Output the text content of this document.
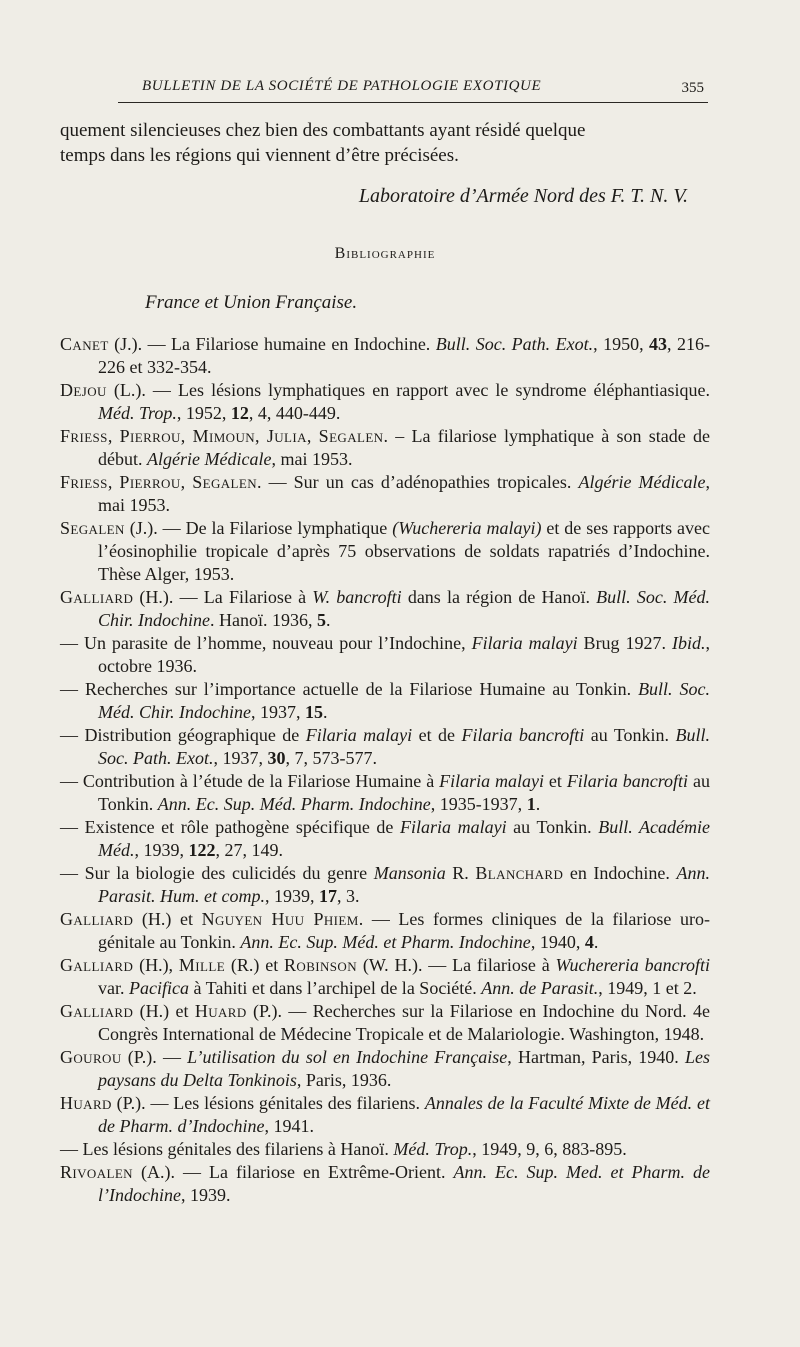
BULLETIN DE LA SOCIÉTÉ DE PATHOLOGIE EXOTIQUE	355

quement silencieuses chez bien des combattants ayant résidé quelque
temps dans les régions qui viennent d’être précisées.

Laboratoire d’Armée Nord des F. T. N. V.
Bibliographie
France et Union Française.

Canet (J.). — La Filariose humaine en Indochine. Bull. Soc. Path. Exot., 1950, 43, 216-226 et 332-354.

Dejou (L.). — Les lésions lymphatiques en rapport avec le syndrome éléphantiasique. Méd. Trop., 1952, 12, 4, 440-449.

Friess, Pierrou, Mimoun, Julia, Segalen. – La filariose lymphatique à son stade de début. Algérie Médicale, mai 1953.

Friess, Pierrou, Segalen. — Sur un cas d’adénopathies tropicales. Algérie Médicale, mai 1953.

Segalen (J.). — De la Filariose lymphatique (Wuchereria malayi) et de ses rapports avec l’éosinophilie tropicale d’après 75 observations de soldats rapatriés d’Indochine. Thèse Alger, 1953.

Galliard (H.). — La Filariose à W. bancrofti dans la région de Hanoï. Bull. Soc. Méd. Chir. Indochine. Hanoï. 1936, 5.

— Un parasite de l’homme, nouveau pour l’Indochine, Filaria malayi Brug 1927. Ibid., octobre 1936.

— Recherches sur l’importance actuelle de la Filariose Humaine au Tonkin. Bull. Soc. Méd. Chir. Indochine, 1937, 15.

— Distribution géographique de Filaria malayi et de Filaria bancrofti au Tonkin. Bull. Soc. Path. Exot., 1937, 30, 7, 573-577.

— Contribution à l’étude de la Filariose Humaine à Filaria malayi et Filaria bancrofti au Tonkin. Ann. Ec. Sup. Méd. Pharm. Indochine, 1935-1937, 1.

— Existence et rôle pathogène spécifique de Filaria malayi au Tonkin. Bull. Académie Méd., 1939, 122, 27, 149.

— Sur la biologie des culicidés du genre Mansonia R. Blanchard en Indochine. Ann. Parasit. Hum. et comp., 1939, 17, 3.

Galliard (H.) et Nguyen Huu Phiem. — Les formes cliniques de la filariose uro-génitale au Tonkin. Ann. Ec. Sup. Méd. et Pharm. Indochine, 1940, 4.

Galliard (H.), Mille (R.) et Robinson (W. H.). — La filariose à Wuchereria bancrofti var. Pacifica à Tahiti et dans l’archipel de la Société. Ann. de Parasit., 1949, 1 et 2.

Galliard (H.) et Huard (P.). — Recherches sur la Filariose en Indochine du Nord. 4e Congrès International de Médecine Tropicale et de Malariologie. Washington, 1948.

Gourou (P.). — L’utilisation du sol en Indochine Française, Hartman, Paris, 1940. Les paysans du Delta Tonkinois, Paris, 1936.

Huard (P.). — Les lésions génitales des filariens. Annales de la Faculté Mixte de Méd. et de Pharm. d’Indochine, 1941.

— Les lésions génitales des filariens à Hanoï. Méd. Trop., 1949, 9, 6, 883-895.

Rivoalen (A.). — La filariose en Extrême-Orient. Ann. Ec. Sup. Med. et Pharm. de l’Indochine, 1939.
